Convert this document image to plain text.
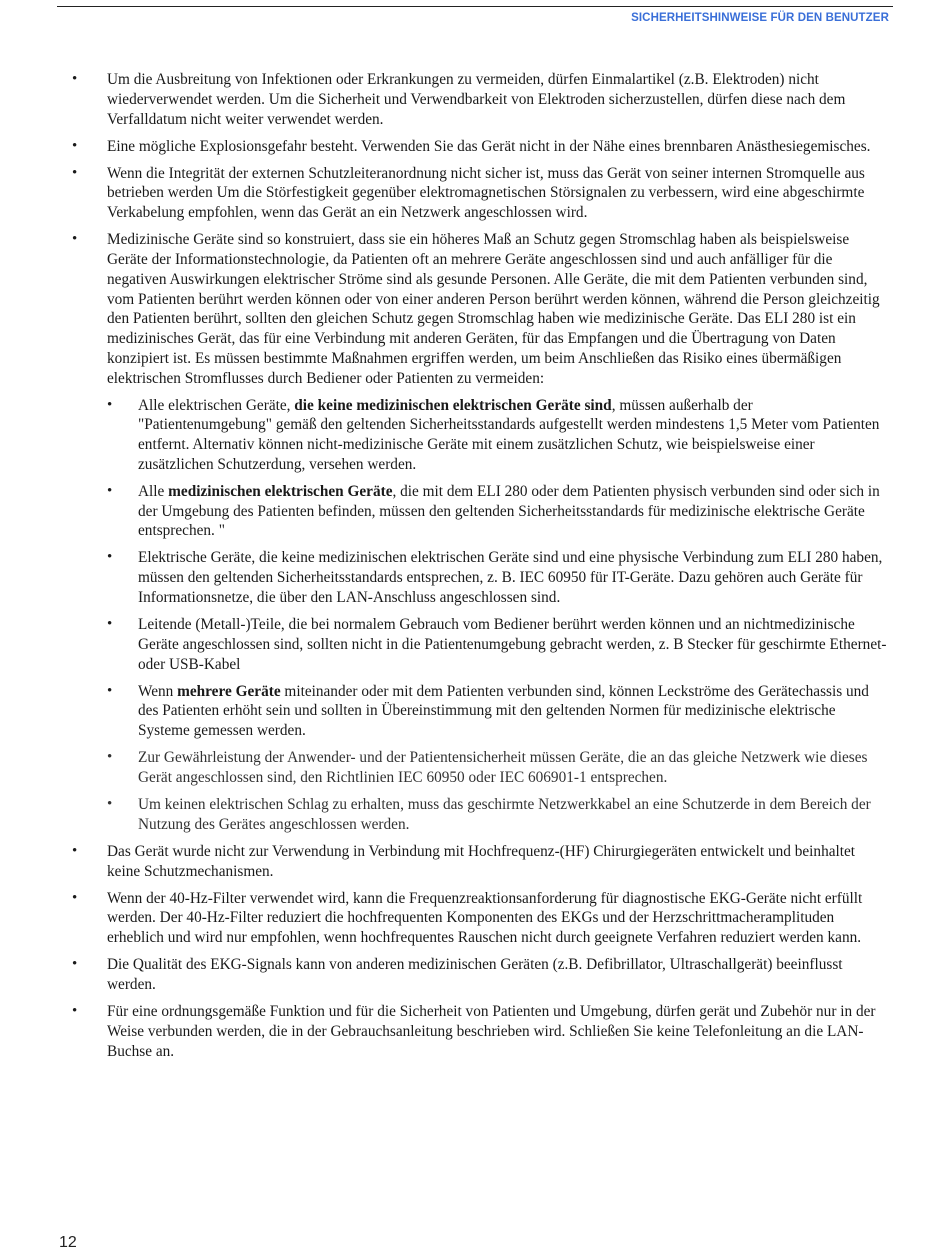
SICHERHEITSHINWEISE FÜR DEN BENUTZER
• Um die Ausbreitung von Infektionen oder Erkrankungen zu vermeiden, dürfen Einmalartikel (z.B. Elektroden) nicht wiederverwendet werden. Um die Sicherheit und Verwendbarkeit von Elektroden sicherzustellen, dürfen diese nach dem Verfalldatum nicht weiter verwendet werden.
• Eine mögliche Explosionsgefahr besteht. Verwenden Sie das Gerät nicht in der Nähe eines brennbaren Anästhesiegemisches.
• Wenn die Integrität der externen Schutzleiteranordnung nicht sicher ist, muss das Gerät von seiner internen Stromquelle aus betrieben werden Um die Störfestigkeit gegenüber elektromagnetischen Störsignalen zu verbessern, wird eine abgeschirmte Verkabelung empfohlen, wenn das Gerät an ein Netzwerk angeschlossen wird.
• Medizinische Geräte sind so konstruiert, dass sie ein höheres Maß an Schutz gegen Stromschlag haben als beispielsweise Geräte der Informationstechnologie, da Patienten oft an mehrere Geräte angeschlossen sind und auch anfälliger für die negativen Auswirkungen elektrischer Ströme sind als gesunde Personen. Alle Geräte, die mit dem Patienten verbunden sind, vom Patienten berührt werden können oder von einer anderen Person berührt werden können, während die Person gleichzeitig den Patienten berührt, sollten den gleichen Schutz gegen Stromschlag haben wie medizinische Geräte. Das ELI 280 ist ein medizinisches Gerät, das für eine Verbindung mit anderen Geräten, für das Empfangen und die Übertragung von Daten konzipiert ist. Es müssen bestimmte Maßnahmen ergriffen werden, um beim Anschließen das Risiko eines übermäßigen elektrischen Stromflusses durch Bediener oder Patienten zu vermeiden:
• Alle elektrischen Geräte, die keine medizinischen elektrischen Geräte sind, müssen außerhalb der "Patientenumgebung" gemäß den geltenden Sicherheitsstandards aufgestellt werden mindestens 1,5 Meter vom Patienten entfernt. Alternativ können nicht-medizinische Geräte mit einem zusätzlichen Schutz, wie beispielsweise einer zusätzlichen Schutzerdung, versehen werden.
• Alle medizinischen elektrischen Geräte, die mit dem ELI 280 oder dem Patienten physisch verbunden sind oder sich in der Umgebung des Patienten befinden, müssen den geltenden Sicherheitsstandards für medizinische elektrische Geräte entsprechen. "
• Elektrische Geräte, die keine medizinischen elektrischen Geräte sind und eine physische Verbindung zum ELI 280 haben, müssen den geltenden Sicherheitsstandards entsprechen, z. B. IEC 60950 für IT-Geräte. Dazu gehören auch Geräte für Informationsnetze, die über den LAN-Anschluss angeschlossen sind.
• Leitende (Metall-)Teile, die bei normalem Gebrauch vom Bediener berührt werden können und an nichtmedizinische Geräte angeschlossen sind, sollten nicht in die Patientenumgebung gebracht werden, z. B Stecker für geschirmte Ethernet- oder USB-Kabel
• Wenn mehrere Geräte miteinander oder mit dem Patienten verbunden sind, können Leckströme des Gerätechassis und des Patienten erhöht sein und sollten in Übereinstimmung mit den geltenden Normen für medizinische elektrische Systeme gemessen werden.
• Zur Gewährleistung der Anwender- und der Patientensicherheit müssen Geräte, die an das gleiche Netzwerk wie dieses Gerät angeschlossen sind, den Richtlinien IEC 60950 oder IEC 606901-1 entsprechen.
• Um keinen elektrischen Schlag zu erhalten, muss das geschirmte Netzwerkkabel an eine Schutzerde in dem Bereich der Nutzung des Gerätes angeschlossen werden.
• Das Gerät wurde nicht zur Verwendung in Verbindung mit Hochfrequenz-(HF) Chirurgiegeräten entwickelt und beinhaltet keine Schutzmechanismen.
• Wenn der 40-Hz-Filter verwendet wird, kann die Frequenzreaktionsanforderung für diagnostische EKG-Geräte nicht erfüllt werden. Der 40-Hz-Filter reduziert die hochfrequenten Komponenten des EKGs und der Herzschrittmacheramplituden erheblich und wird nur empfohlen, wenn hochfrequentes Rauschen nicht durch geeignete Verfahren reduziert werden kann.
• Die Qualität des EKG-Signals kann von anderen medizinischen Geräten (z.B. Defibrillator, Ultraschallgerät) beeinflusst werden.
• Für eine ordnungsgemäße Funktion und für die Sicherheit von Patienten und Umgebung, dürfen gerät und Zubehör nur in der Weise verbunden werden, die in der Gebrauchsanleitung beschrieben wird. Schließen Sie keine Telefonleitung an die LAN-Buchse an.
12
